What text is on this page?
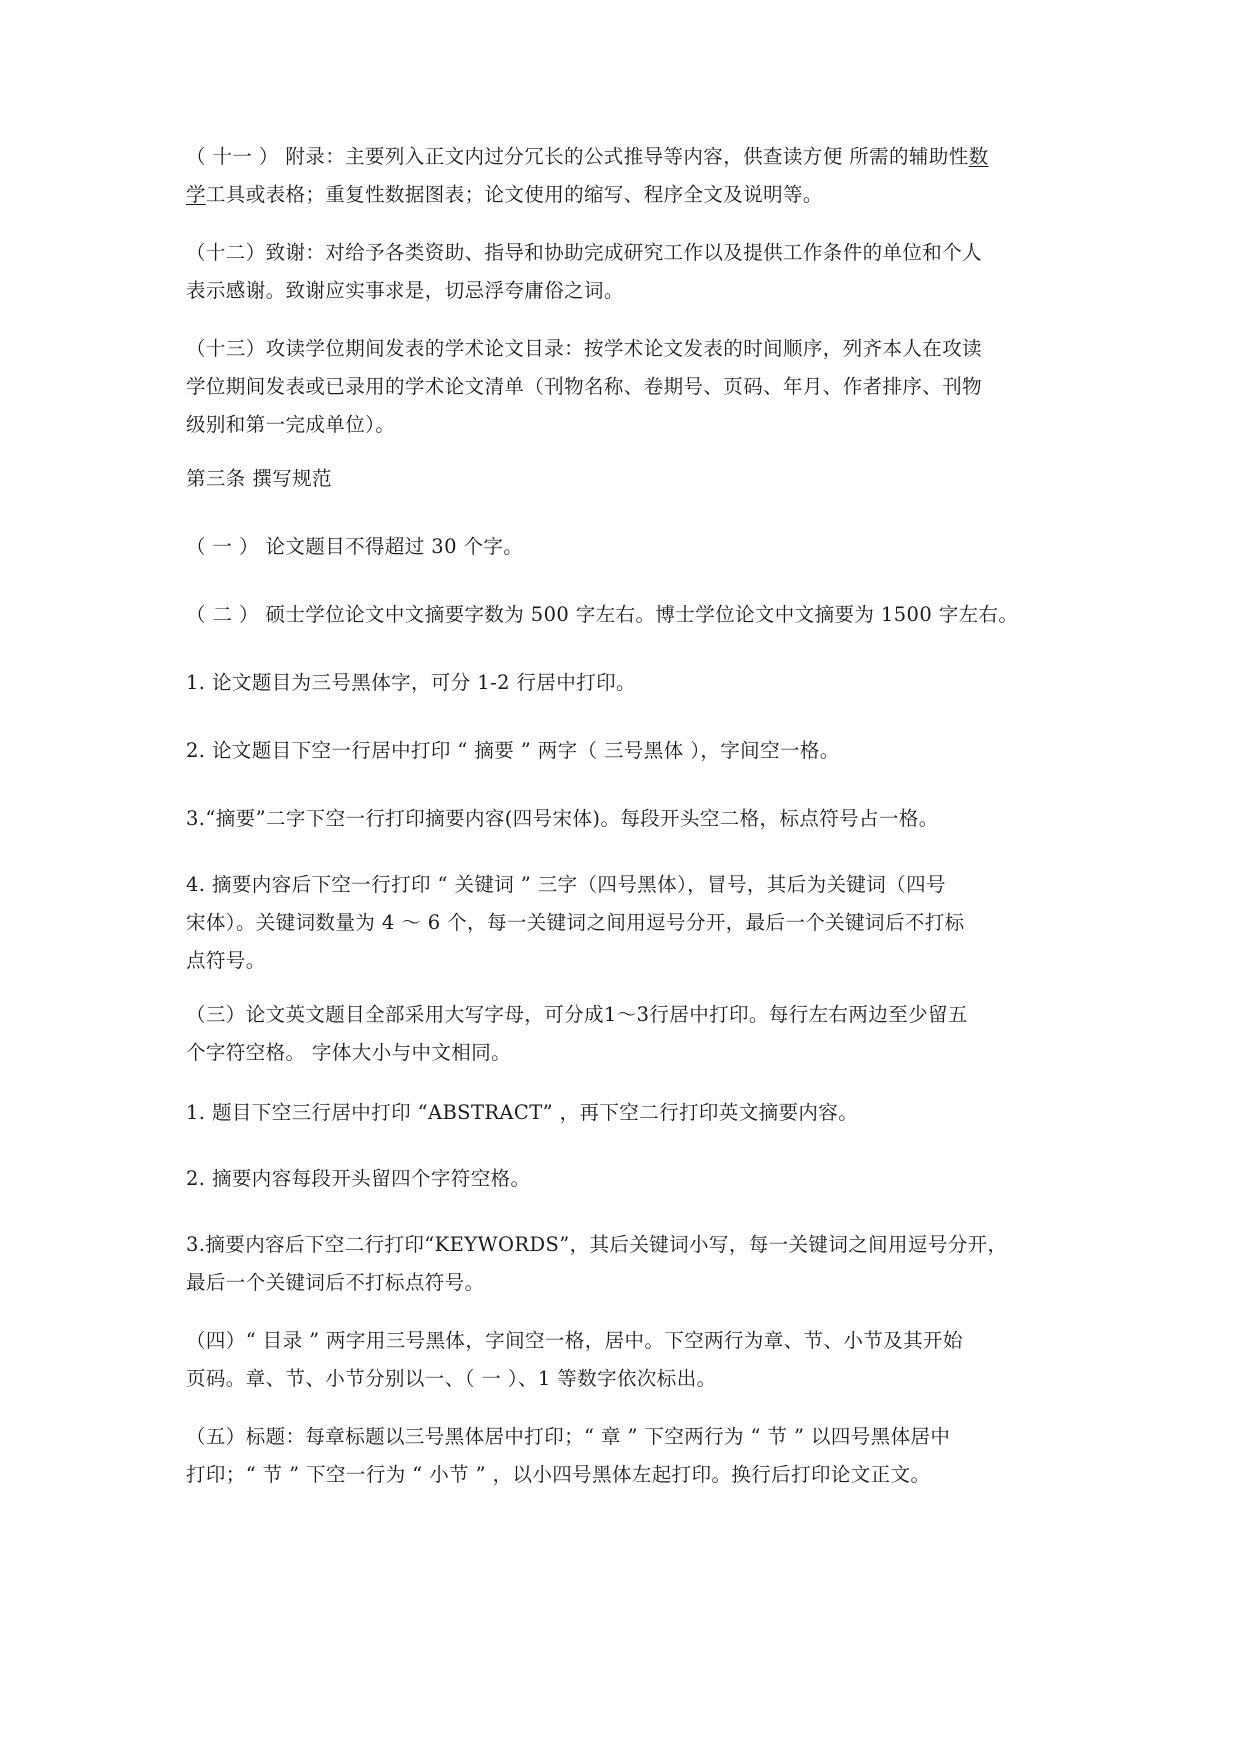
（ 十一 ） 附录：主要列入正文内过分冗长的公式推导等内容，供查读方便 所需的辅助性数
学工具或表格；重复性数据图表；论文使用的缩写、程序全文及说明等。
（十二）致谢：对给予各类资助、指导和协助完成研究工作以及提供工作条件的单位和个人
表示感谢。致谢应实事求是，切忌浮夸庸俗之词。
（十三）攻读学位期间发表的学术论文目录：按学术论文发表的时间顺序，列齐本人在攻读
学位期间发表或已录用的学术论文清单（刊物名称、卷期号、页码、年月、作者排序、刊物
级别和第一完成单位）。
第三条 撰写规范
（ 一 ） 论文题目不得超过 30 个字。
（ 二 ） 硕士学位论文中文摘要字数为 500 字左右。博士学位论文中文摘要为 1500 字左右。
1. 论文题目为三号黑体字，可分 1-2 行居中打印。
2. 论文题目下空一行居中打印 “ 摘要 ” 两字（ 三号黑体 ），字间空一格。
3.“摘要”二字下空一行打印摘要内容(四号宋体)。每段开头空二格，标点符号占一格。
4. 摘要内容后下空一行打印 “ 关键词 ” 三字（四号黑体），冒号，其后为关键词（四号
宋体）。关键词数量为 4 ～ 6 个，每一关键词之间用逗号分开，最后一个关键词后不打标
点符号。
（三）论文英文题目全部采用大写字母，可分成1～3行居中打印。每行左右两边至少留五
个字符空格。 字体大小与中文相同。
1. 题目下空三行居中打印 “ABSTRACT” ，再下空二行打印英文摘要内容。
2. 摘要内容每段开头留四个字符空格。
3.摘要内容后下空二行打印“KEYWORDS”，其后关键词小写，每一关键词之间用逗号分开，
最后一个关键词后不打标点符号。
（四）“ 目录 ” 两字用三号黑体，字间空一格，居中。下空两行为章、节、小节及其开始
页码。章、节、小节分别以一、（ 一 ）、1 等数字依次标出。
（五）标题：每章标题以三号黑体居中打印；“ 章 ” 下空两行为 “ 节 ” 以四号黑体居中
打印；“ 节 ” 下空一行为 “ 小节 ” ，以小四号黑体左起打印。换行后打印论文正文。
